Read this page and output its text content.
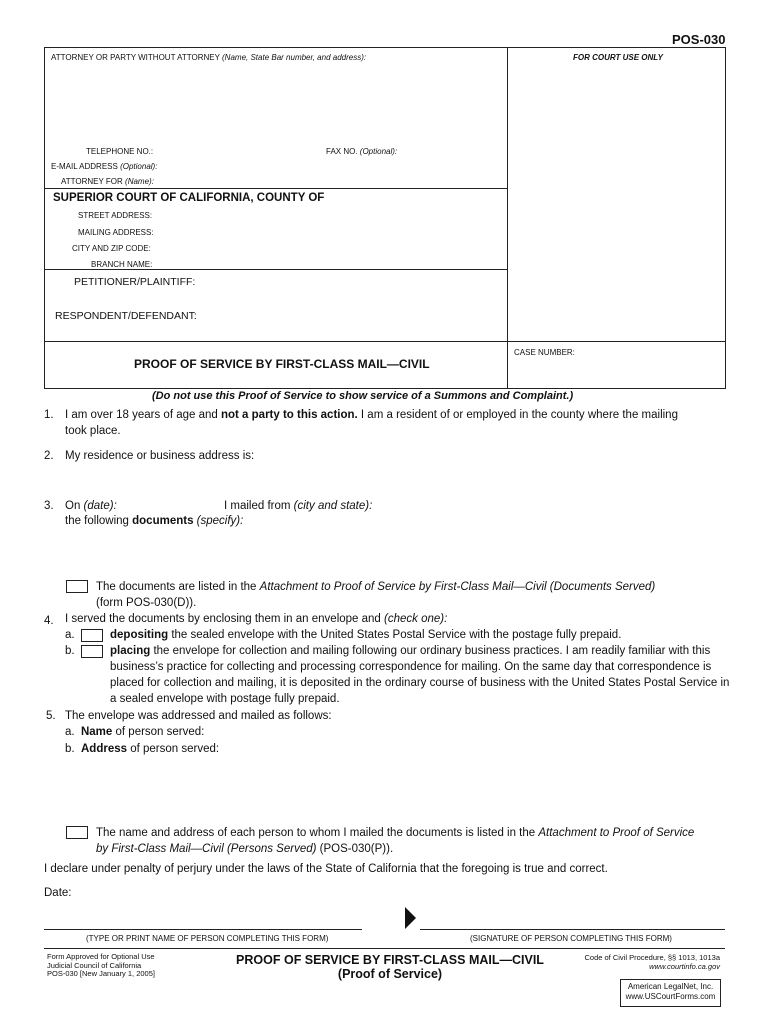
POS-030
ATTORNEY OR PARTY WITHOUT ATTORNEY (Name, State Bar number, and address):	FOR COURT USE ONLY
TELEPHONE NO.:	FAX NO. (Optional):
E-MAIL ADDRESS (Optional):
ATTORNEY FOR (Name):
SUPERIOR COURT OF CALIFORNIA, COUNTY OF
STREET ADDRESS:
MAILING ADDRESS:
CITY AND ZIP CODE:
BRANCH NAME:
PETITIONER/PLAINTIFF:
RESPONDENT/DEFENDANT:
PROOF OF SERVICE BY FIRST-CLASS MAIL—CIVIL
CASE NUMBER:
(Do not use this Proof of Service to show service of a Summons and Complaint.)
1. I am over 18 years of age and not a party to this action. I am a resident of or employed in the county where the mailing
took place.
2. My residence or business address is:
3. On (date):	I mailed from (city and state):
the following documents (specify):
The documents are listed in the Attachment to Proof of Service by First-Class Mail—Civil (Documents Served)
(form POS-030(D)).
4. I served the documents by enclosing them in an envelope and (check one):
a.	depositing the sealed envelope with the United States Postal Service with the postage fully prepaid.
b.	placing the envelope for collection and mailing following our ordinary business practices. I am readily familiar with this
business’s practice for collecting and processing correspondence for mailing. On the same day that correspondence is
placed for collection and mailing, it is deposited in the ordinary course of business with the United States Postal Service in
a sealed envelope with postage fully prepaid.
5. The envelope was addressed and mailed as follows:
a. Name of person served:
b. Address of person served:
The name and address of each person to whom I mailed the documents is listed in the Attachment to Proof of Service
by First-Class Mail—Civil (Persons Served) (POS-030(P)).
I declare under penalty of perjury under the laws of the State of California that the foregoing is true and correct.
Date:
(TYPE OR PRINT NAME OF PERSON COMPLETING THIS FORM)	(SIGNATURE OF PERSON COMPLETING THIS FORM)
Form Approved for Optional Use
Judicial Council of California
POS-030 [New January 1, 2005]
PROOF OF SERVICE BY FIRST-CLASS MAIL—CIVIL
(Proof of Service)
Code of Civil Procedure, §§ 1013, 1013a
www.courtinfo.ca.gov
American LegalNet, Inc.
www.USCourtForms.com
